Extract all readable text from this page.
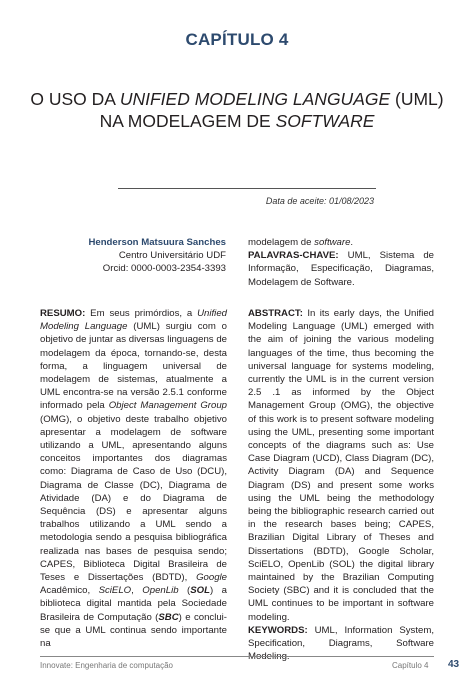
CAPÍTULO 4
O USO DA UNIFIED MODELING LANGUAGE (UML) NA MODELAGEM DE SOFTWARE
Data de aceite: 01/08/2023
Henderson Matsuura Sanches
Centro Universitário UDF
Orcid: 0000-0003-2354-3393
RESUMO: Em seus primórdios, a Unified Modeling Language (UML) surgiu com o objetivo de juntar as diversas linguagens de modelagem da época, tornando-se, desta forma, a linguagem universal de modelagem de sistemas, atualmente a UML encontra-se na versão 2.5.1 conforme informado pela Object Management Group (OMG), o objetivo deste trabalho objetivo apresentar a modelagem de software utilizando a UML, apresentando alguns conceitos importantes dos diagramas como: Diagrama de Caso de Uso (DCU), Diagrama de Classe (DC), Diagrama de Atividade (DA) e do Diagrama de Sequência (DS) e apresentar alguns trabalhos utilizando a UML sendo a metodologia sendo a pesquisa bibliográfica realizada nas bases de pesquisa sendo; CAPES, Biblioteca Digital Brasileira de Teses e Dissertações (BDTD), Google Acadêmico, SciELO, OpenLib (SOL) a biblioteca digital mantida pela Sociedade Brasileira de Computação (SBC) e conclui-se que a UML continua sendo importante na
modelagem de software.
PALAVRAS-CHAVE: UML, Sistema de Informação, Especificação, Diagramas, Modelagem de Software.
ABSTRACT: In its early days, the Unified Modeling Language (UML) emerged with the aim of joining the various modeling languages of the time, thus becoming the universal language for systems modeling, currently the UML is in the current version 2.5 .1 as informed by the Object Management Group (OMG), the objective of this work is to present software modeling using the UML, presenting some important concepts of the diagrams such as: Use Case Diagram (UCD), Class Diagram (DC), Activity Diagram (DA) and Sequence Diagram (DS) and present some works using the UML being the methodology being the bibliographic research carried out in the research bases being; CAPES, Brazilian Digital Library of Theses and Dissertations (BDTD), Google Scholar, SciELO, OpenLib (SOL) the digital library maintained by the Brazilian Computing Society (SBC) and it is concluded that the UML continues to be important in software modeling.
KEYWORDS: UML, Information System, Specification, Diagrams, Software Modeling.
Innovate: Engenharia de computação	Capítulo 4 43
